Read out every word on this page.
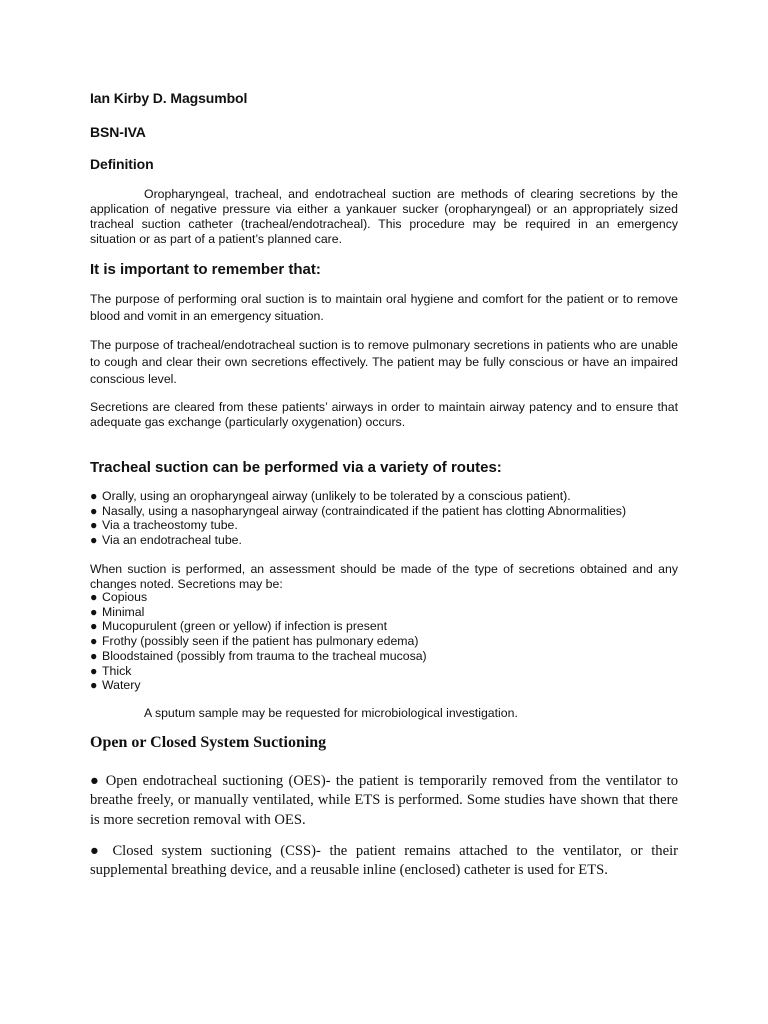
Ian Kirby D. Magsumbol

BSN-IVA

Definition

Oropharyngeal, tracheal, and endotracheal suction are methods of clearing secretions by the application of negative pressure via either a yankauer sucker (oropharyngeal) or an appropriately sized tracheal suction catheter (tracheal/endotracheal). This procedure may be required in an emergency situation or as part of a patient’s planned care.

It is important to remember that:

The purpose of performing oral suction is to maintain oral hygiene and comfort for the patient or to remove blood and vomit in an emergency situation.

The purpose of tracheal/endotracheal suction is to remove pulmonary secretions in patients who are unable to cough and clear their own secretions effectively. The patient may be fully conscious or have an impaired conscious level.

Secretions are cleared from these patients’ airways in order to maintain airway patency and to ensure that adequate gas exchange (particularly oxygenation) occurs.

Tracheal suction can be performed via a variety of routes:

● Orally, using an oropharyngeal airway (unlikely to be tolerated by a conscious patient).
● Nasally, using a nasopharyngeal airway (contraindicated if the patient has clotting Abnormalities)
● Via a tracheostomy tube.
● Via an endotracheal tube.

When suction is performed, an assessment should be made of the type of secretions obtained and any changes noted. Secretions may be:

● Copious
● Minimal
● Mucopurulent (green or yellow) if infection is present
● Frothy (possibly seen if the patient has pulmonary edema)
● Bloodstained (possibly from trauma to the tracheal mucosa)
● Thick
● Watery

A sputum sample may be requested for microbiological investigation.

Open or Closed System Suctioning

● Open endotracheal suctioning (OES)- the patient is temporarily removed from the ventilator to breathe freely, or manually ventilated, while ETS is performed. Some studies have shown that there is more secretion removal with OES.

● Closed system suctioning (CSS)- the patient remains attached to the ventilator, or their supplemental breathing device, and a reusable inline (enclosed) catheter is used for ETS.
